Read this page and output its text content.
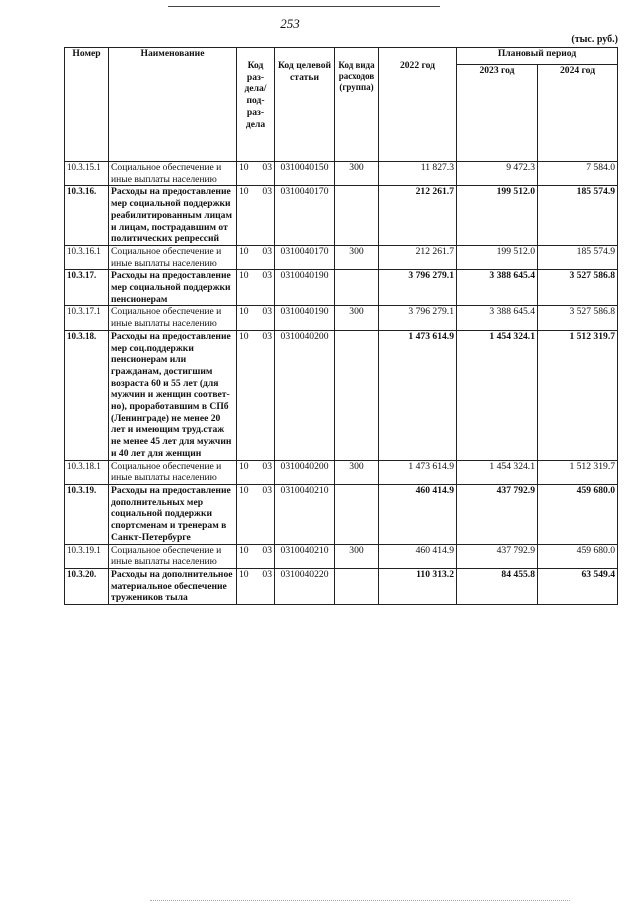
253
(тыс. руб.)
Номер	Наименование	Код раз-дела/ под-раз-дела	Код целевой статьи	Код вида расходов (группа)	2022 год	Плановый период	
						2023 год	2024 год
10.3.15.1	Социальное обеспечение и иные выплаты населению	10 03	0310040150	300	11 827.3	9 472.3	7 584.0
10.3.16.	Расходы на предоставление мер социальной поддержки реабилитированным лицам и лицам, пострадавшим от политических репрессий	10 03	0310040170		212 261.7	199 512.0	185 574.9
10.3.16.1	Социальное обеспечение и иные выплаты населению	10 03	0310040170	300	212 261.7	199 512.0	185 574.9
10.3.17.	Расходы на предоставление мер социальной поддержки пенсионерам	10 03	0310040190		3 796 279.1	3 388 645.4	3 527 586.8
10.3.17.1	Социальное обеспечение и иные выплаты населению	10 03	0310040190	300	3 796 279.1	3 388 645.4	3 527 586.8
10.3.18.	Расходы на предоставление мер соц.поддержки пенсионерам или гражданам, достигшим возраста 60 и 55 лет (для мужчин и женщин соответ-но), проработавшим в СПб (Ленинграде) не менее 20 лет и имеющим труд.стаж не менее 45 лет для мужчин и 40 лет для женщин	10 03	0310040200		1 473 614.9	1 454 324.1	1 512 319.7
10.3.18.1	Социальное обеспечение и иные выплаты населению	10 03	0310040200	300	1 473 614.9	1 454 324.1	1 512 319.7
10.3.19.	Расходы на предоставление дополнительных мер социальной поддержки спортсменам и тренерам в Санкт-Петербурге	10 03	0310040210		460 414.9	437 792.9	459 680.0
10.3.19.1	Социальное обеспечение и иные выплаты населению	10 03	0310040210	300	460 414.9	437 792.9	459 680.0
10.3.20.	Расходы на дополнительное материальное обеспечение тружеников тыла	10 03	0310040220		110 313.2	84 455.8	63 549.4
